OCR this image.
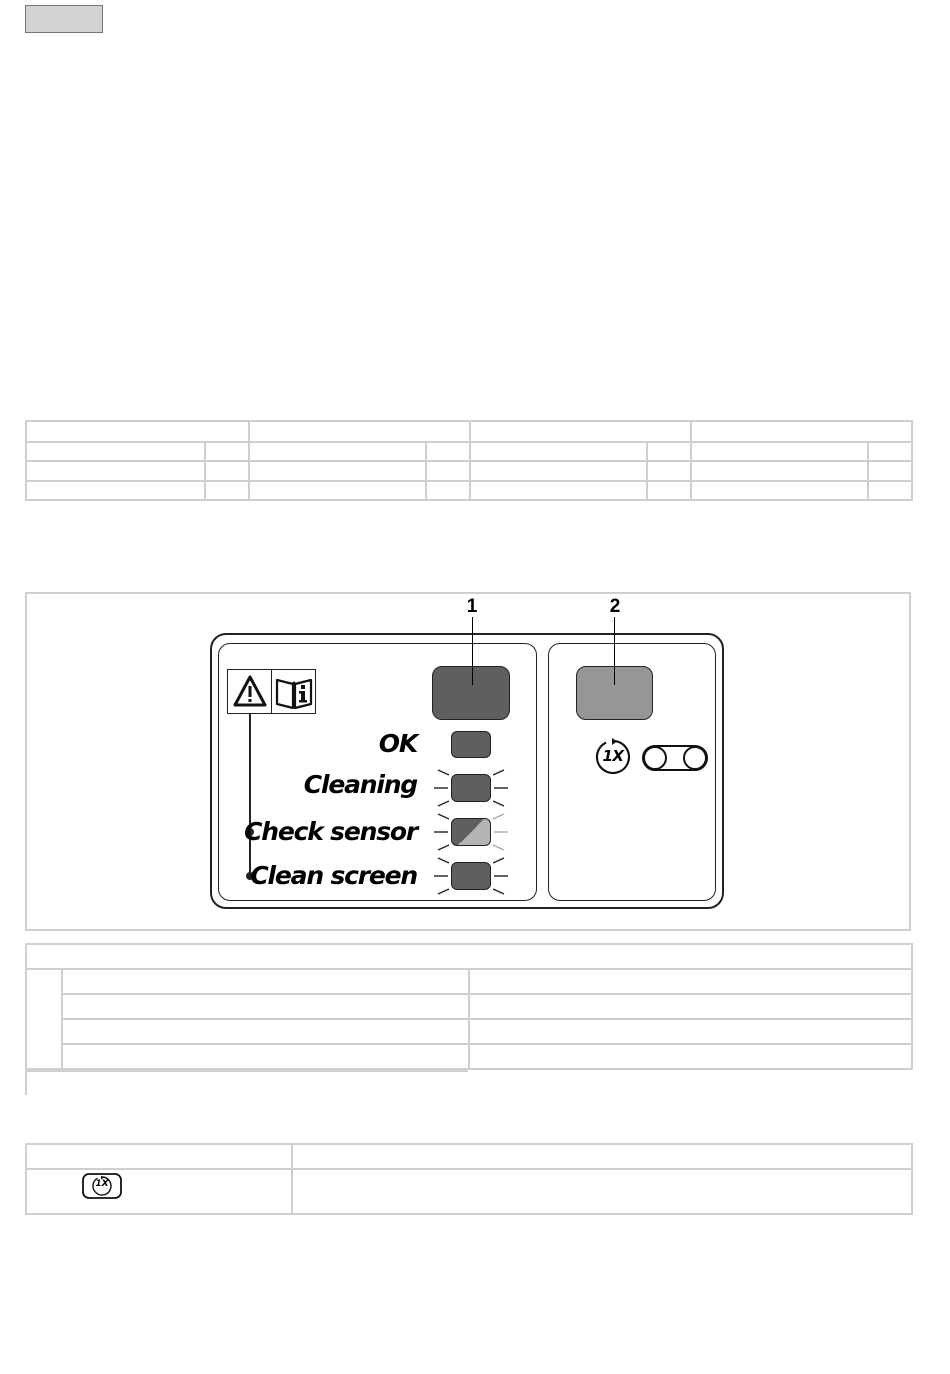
1	2
OK
Cleaning
Check sensor
Clean screen
1X

1X
